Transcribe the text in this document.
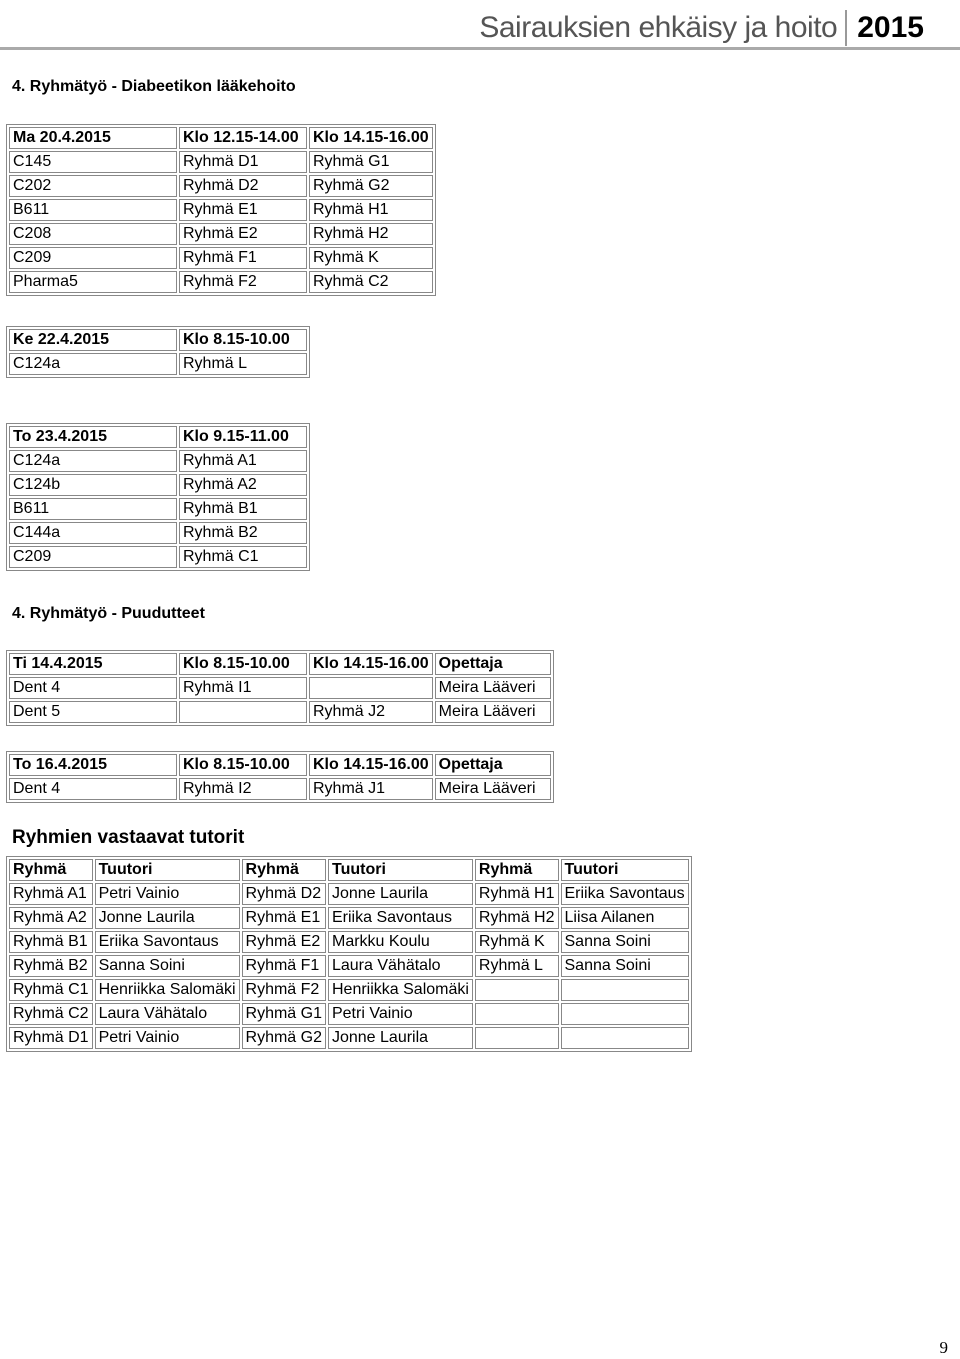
Sairauksien ehkäisy ja hoito 2015
4. Ryhmätyö - Diabeetikon lääkehoito
Ma 20.4.2015	Klo 12.15-14.00	Klo 14.15-16.00
C145	Ryhmä D1	Ryhmä G1
C202	Ryhmä D2	Ryhmä G2
B611	Ryhmä E1	Ryhmä H1
C208	Ryhmä E2	Ryhmä H2
C209	Ryhmä F1	Ryhmä K
Pharma5	Ryhmä F2	Ryhmä C2
Ke 22.4.2015	Klo 8.15-10.00
C124a	Ryhmä L
To 23.4.2015	Klo 9.15-11.00
C124a	Ryhmä A1
C124b	Ryhmä A2
B611	Ryhmä B1
C144a	Ryhmä B2
C209	Ryhmä C1
4. Ryhmätyö - Puudutteet
Ti 14.4.2015	Klo 8.15-10.00	Klo 14.15-16.00	Opettaja
Dent 4	Ryhmä I1		Meira Lääveri
Dent 5		Ryhmä J2	Meira Lääveri
To 16.4.2015	Klo 8.15-10.00	Klo 14.15-16.00	Opettaja
Dent 4	Ryhmä I2	Ryhmä J1	Meira Lääveri
Ryhmien vastaavat tutorit
Ryhmä	Tuutori	Ryhmä	Tuutori	Ryhmä	Tuutori
Ryhmä A1	Petri Vainio	Ryhmä D2	Jonne Laurila	Ryhmä H1	Eriika Savontaus
Ryhmä A2	Jonne Laurila	Ryhmä E1	Eriika Savontaus	Ryhmä H2	Liisa Ailanen
Ryhmä B1	Eriika Savontaus	Ryhmä E2	Markku Koulu	Ryhmä K	Sanna Soini
Ryhmä B2	Sanna Soini	Ryhmä F1	Laura Vähätalo	Ryhmä L	Sanna Soini
Ryhmä C1	Henriikka Salomäki	Ryhmä F2	Henriikka Salomäki		
Ryhmä C2	Laura Vähätalo	Ryhmä G1	Petri Vainio		
Ryhmä D1	Petri Vainio	Ryhmä G2	Jonne Laurila		
9
